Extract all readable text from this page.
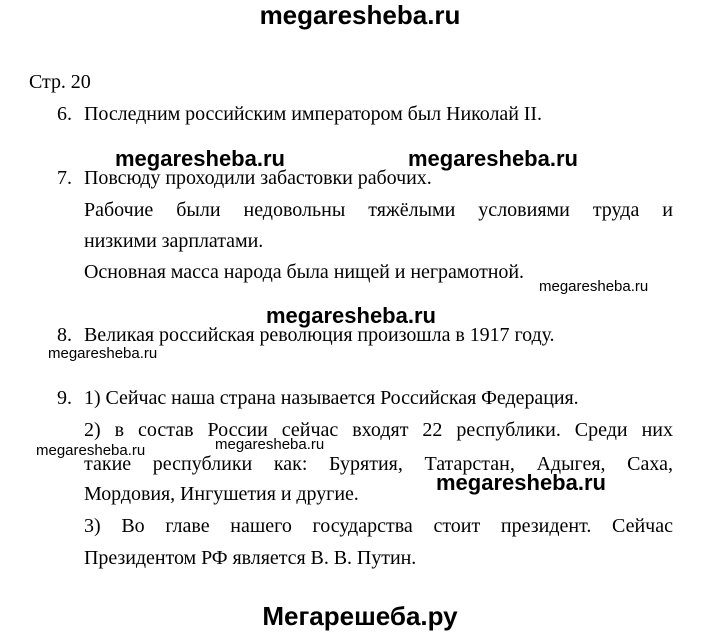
megaresheba.ru
Стр. 20
6. Последним российским императором был Николай II.
7. Повсюду проходили забастовки рабочих.
Рабочие были недовольны тяжёлыми условиями труда и
низкими зарплатами.
Основная масса народа была нищей и неграмотной.
8. Великая российская революция произошла в 1917 году.
9. 1) Сейчас наша страна называется Российская Федерация.
2) в состав России сейчас входят 22 республики. Среди них
такие республики как: Бурятия, Татарстан, Адыгея, Саха,
Мордовия, Ингушетия и другие.
3) Во главе нашего государства стоит президент. Сейчас
Президентом РФ является В. В. Путин.
megaresheba.ru	megaresheba.ru
megaresheba.ru
megaresheba.ru
megaresheba.ru
megaresheba.ru
megaresheba.ru
megaresheba.ru
Мегарешеба.ру
